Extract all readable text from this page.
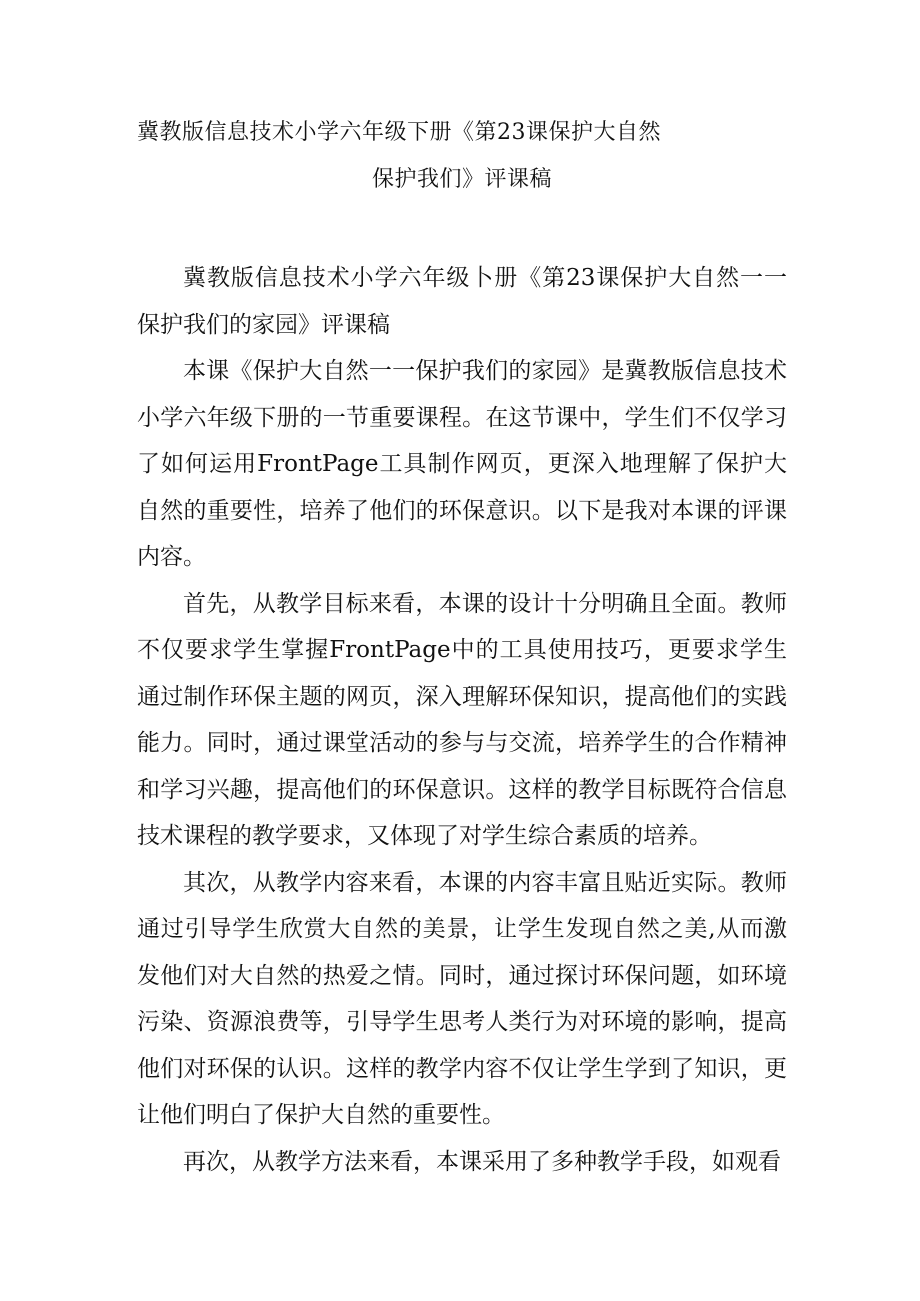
冀教版信息技术小学六年级下册《第23课保护大自然
保护我们》评课稿

冀教版信息技术小学六年级卜册《第23课保护大自然一一保护我们的家园》评课稿

本课《保护大自然一一保护我们的家园》是冀教版信息技术小学六年级下册的一节重要课程。在这节课中，学生们不仅学习了如何运用FrontPage工具制作网页，更深入地理解了保护大自然的重要性，培养了他们的环保意识。以下是我对本课的评课内容。

首先，从教学目标来看，本课的设计十分明确且全面。教师不仅要求学生掌握FrontPage中的工具使用技巧，更要求学生通过制作环保主题的网页，深入理解环保知识，提高他们的实践能力。同时，通过课堂活动的参与与交流，培养学生的合作精神和学习兴趣，提高他们的环保意识。这样的教学目标既符合信息技术课程的教学要求，又体现了对学生综合素质的培养。

其次，从教学内容来看，本课的内容丰富且贴近实际。教师通过引导学生欣赏大自然的美景，让学生发现自然之美,从而激发他们对大自然的热爱之情。同时，通过探讨环保问题，如环境污染、资源浪费等，引导学生思考人类行为对环境的影响，提高他们对环保的认识。这样的教学内容不仅让学生学到了知识，更让他们明白了保护大自然的重要性。

再次，从教学方法来看，本课采用了多种教学手段，如观看
